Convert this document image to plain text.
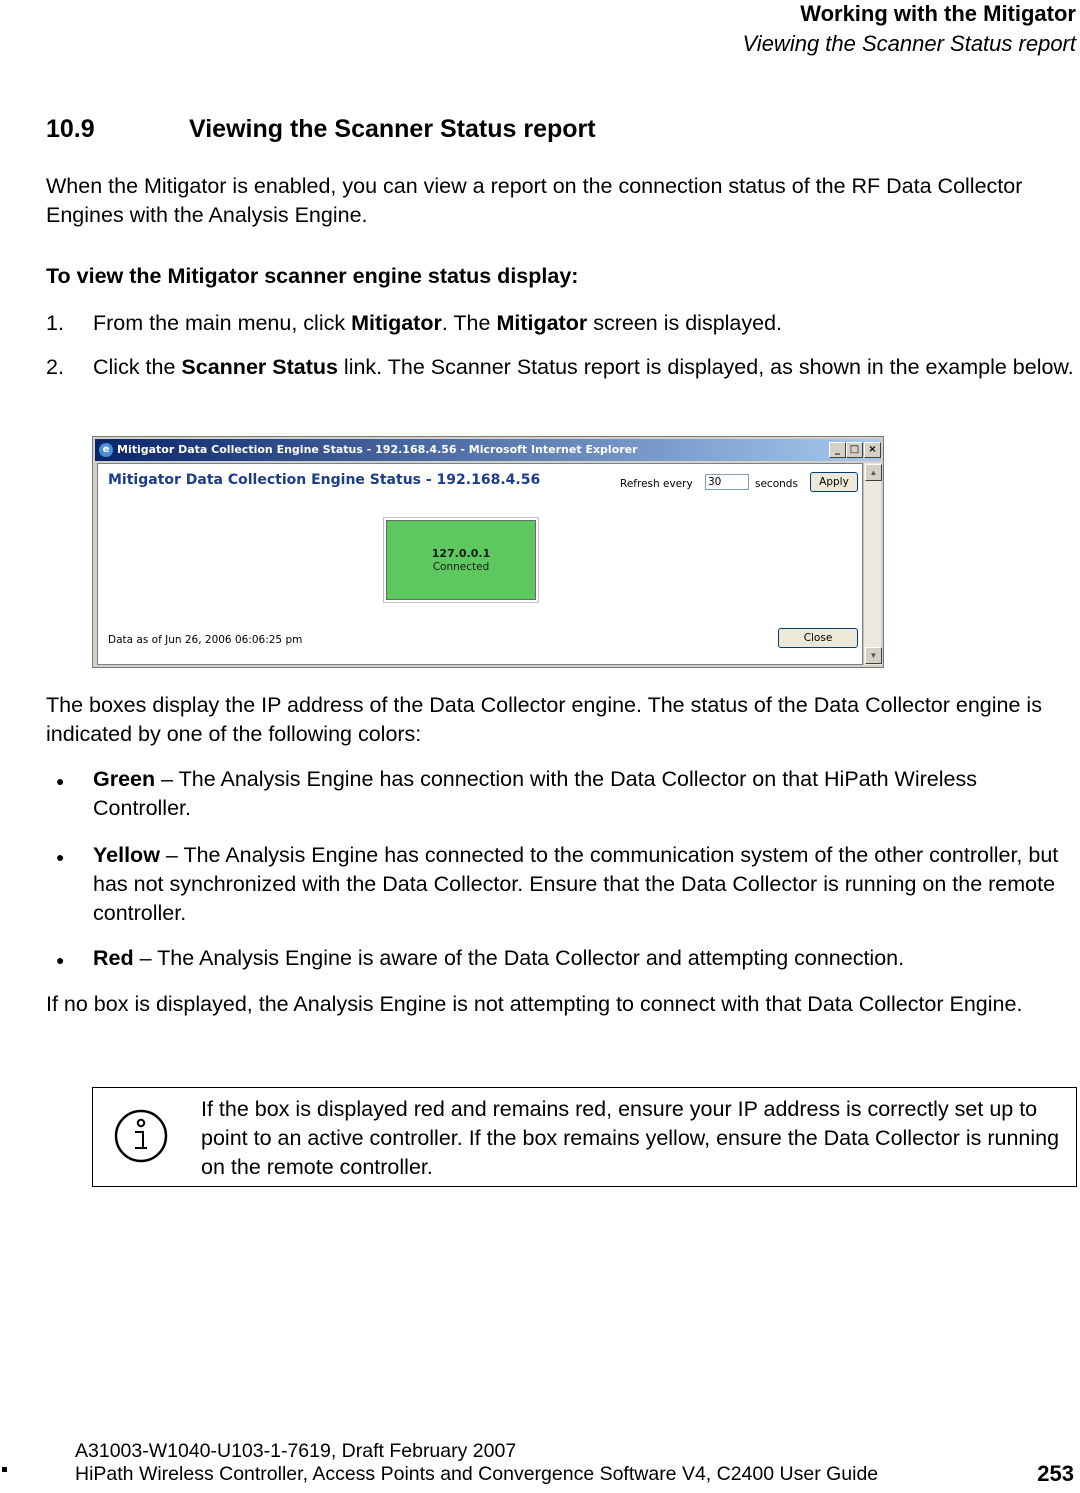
Working with the Mitigator
Viewing the Scanner Status report
10.9	Viewing the Scanner Status report
When the Mitigator is enabled, you can view a report on the connection status of the RF Data Collector Engines with the Analysis Engine.
To view the Mitigator scanner engine status display:
1. From the main menu, click Mitigator. The Mitigator screen is displayed.
2. Click the Scanner Status link. The Scanner Status report is displayed, as shown in the example below.
e Mitigator Data Collection Engine Status - 192.168.4.56 - Microsoft Internet Explorer	_ □ ×
Mitigator Data Collection Engine Status - 192.168.4.56	Refresh every 30	seconds	Apply
127.0.0.1
Connected
Data as of Jun 26, 2006 06:06:25 pm	Close
▲
▼
The boxes display the IP address of the Data Collector engine. The status of the Data Collector engine is indicated by one of the following colors:
● Green – The Analysis Engine has connection with the Data Collector on that HiPath Wireless Controller.
● Yellow – The Analysis Engine has connected to the communication system of the other controller, but has not synchronized with the Data Collector. Ensure that the Data Collector is running on the remote controller.
● Red – The Analysis Engine is aware of the Data Collector and attempting connection.
If no box is displayed, the Analysis Engine is not attempting to connect with that Data Collector Engine.
If the box is displayed red and remains red, ensure your IP address is correctly set up to point to an active controller. If the box remains yellow, ensure the Data Collector is running on the remote controller.
A31003-W1040-U103-1-7619, Draft February 2007
HiPath Wireless Controller, Access Points and Convergence Software V4, C2400 User Guide	253
